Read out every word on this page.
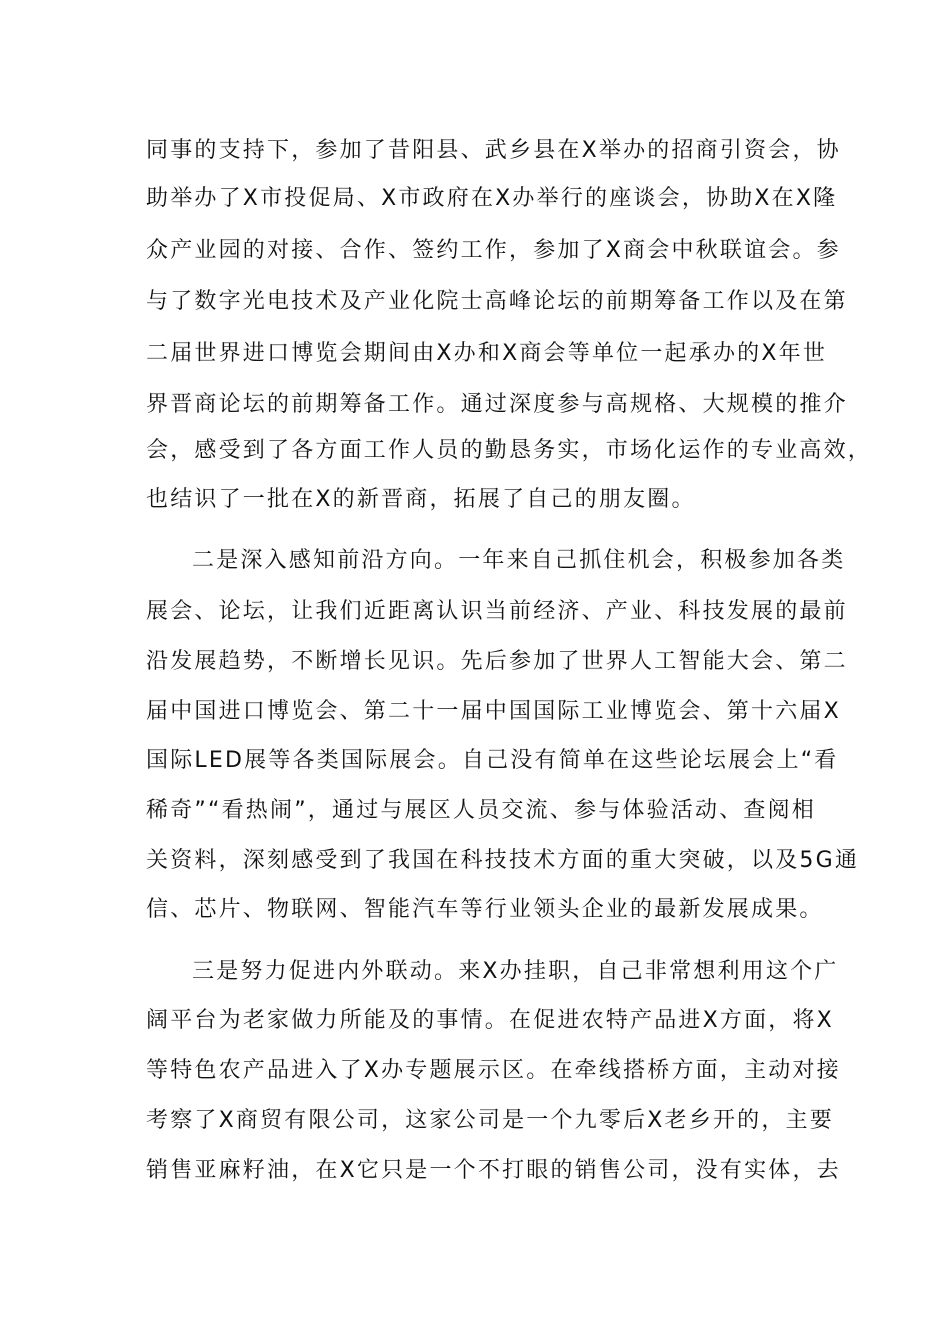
同事的支持下，参加了昔阳县、武乡县在X举办的招商引资会，协
助举办了X市投促局、X市政府在X办举行的座谈会，协助X在X隆
众产业园的对接、合作、签约工作，参加了X商会中秋联谊会。参
与了数字光电技术及产业化院士高峰论坛的前期筹备工作以及在第
二届世界进口博览会期间由X办和X商会等单位一起承办的X年世
界晋商论坛的前期筹备工作。通过深度参与高规格、大规模的推介
会，感受到了各方面工作人员的勤恳务实，市场化运作的专业高效，
也结识了一批在X的新晋商，拓展了自己的朋友圈。
二是深入感知前沿方向。一年来自己抓住机会，积极参加各类
展会、论坛，让我们近距离认识当前经济、产业、科技发展的最前
沿发展趋势，不断增长见识。先后参加了世界人工智能大会、第二
届中国进口博览会、第二十一届中国国际工业博览会、第十六届X
国际LED展等各类国际展会。自己没有简单在这些论坛展会上“看
稀奇”“看热闹”，通过与展区人员交流、参与体验活动、查阅相
关资料，深刻感受到了我国在科技技术方面的重大突破，以及5G通
信、芯片、物联网、智能汽车等行业领头企业的最新发展成果。
三是努力促进内外联动。来X办挂职，自己非常想利用这个广
阔平台为老家做力所能及的事情。在促进农特产品进X方面，将X
等特色农产品进入了X办专题展示区。在牵线搭桥方面，主动对接
考察了X商贸有限公司，这家公司是一个九零后X老乡开的，主要
销售亚麻籽油，在X它只是一个不打眼的销售公司，没有实体，去
